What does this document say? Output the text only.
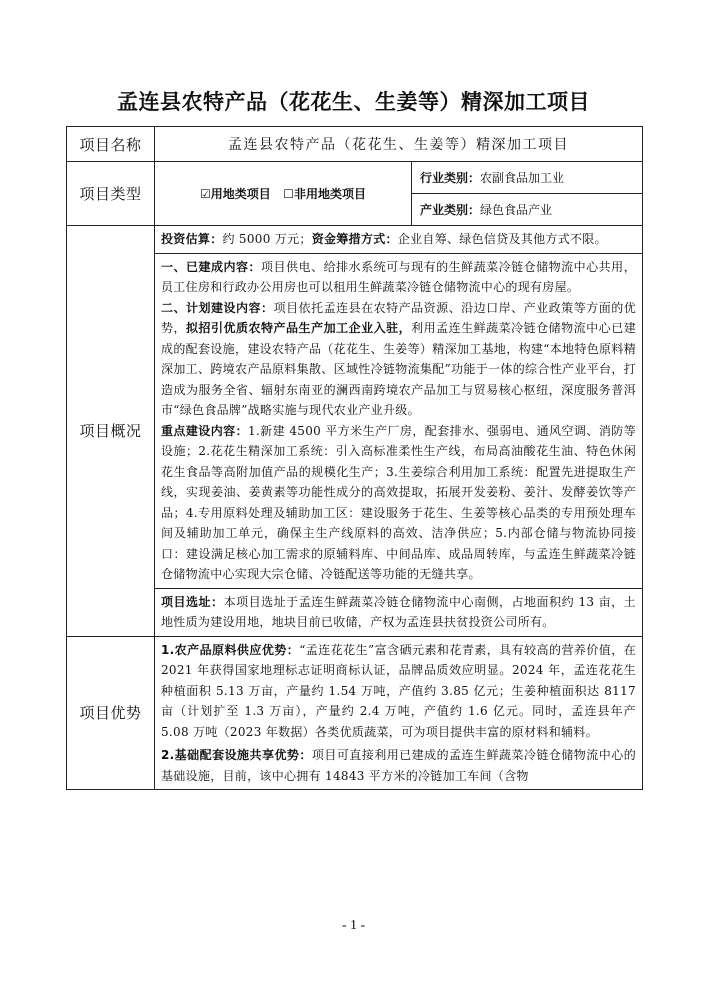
孟连县农特产品（花花生、生姜等）精深加工项目
项目名称	孟连县农特产品（花花生、生姜等）精深加工项目	
项目类型	☑用地类项目 ☐非用地类项目	行业类别：农副食品加工业
		产业类别：绿色食品产业
项目概况	投资估算：约 5000 万元；资金筹措方式：企业自筹、绿色信贷及其他方式不限。
一、已建成内容：项目供电、给排水系统可与现有的生鲜蔬菜冷链仓储物流中心共用，员工住房和行政办公用房也可以租用生鲜蔬菜冷链仓储物流中心的现有房屋。
二、计划建设内容：项目依托孟连县在农特产品资源、沿边口岸、产业政策等方面的优势，拟招引优质农特产品生产加工企业入驻，利用孟连生鲜蔬菜冷链仓储物流中心已建成的配套设施，建设农特产品（花花生、生姜等）精深加工基地，构建“本地特色原料精深加工、跨境农产品原料集散、区域性冷链物流集配”功能于一体的综合性产业平台，打造成为服务全省、辐射东南亚的澜西南跨境农产品加工与贸易核心枢纽，深度服务普洱市“绿色食品牌”战略实施与现代农业产业升级。
重点建设内容：1.新建 4500 平方米生产厂房，配套排水、强弱电、通风空调、消防等设施；2.花花生精深加工系统：引入高标准柔性生产线，布局高油酸花生油、特色休闲花生食品等高附加值产品的规模化生产；3.生姜综合利用加工系统：配置先进提取生产线，实现姜油、姜黄素等功能性成分的高效提取，拓展开发姜粉、姜汁、发酵姜饮等产品；4.专用原料处理及辅助加工区：建设服务于花生、生姜等核心品类的专用预处理车间及辅助加工单元，确保主生产线原料的高效、洁净供应；5.内部仓储与物流协同接口：建设满足核心加工需求的原辅料库、中间品库、成品周转库，与孟连生鲜蔬菜冷链仓储物流中心实现大宗仓储、冷链配送等功能的无缝共享。
项目选址：本项目选址于孟连生鲜蔬菜冷链仓储物流中心南侧，占地面积约 13 亩，土地性质为建设用地，地块目前已收储，产权为孟连县扶贫投资公司所有。	

项目优势	1.农产品原料供应优势：“孟连花花生”富含硒元素和花青素，具有较高的营养价值，在 2021 年获得国家地理标志证明商标认证，品牌品质效应明显。2024 年，孟连花花生种植面积 5.13 万亩，产量约 1.54 万吨，产值约 3.85 亿元；生姜种植面积达 8117 亩（计划扩至 1.3 万亩），产量约 2.4 万吨，产值约 1.6 亿元。同时，孟连县年产 5.08 万吨（2023 年数据）各类优质蔬菜，可为项目提供丰富的原材料和辅料。
2.基础配套设施共享优势：项目可直接利用已建成的孟连生鲜蔬菜冷链仓储物流中心的基础设施，目前，该中心拥有 14843 平方米的冷链加工车间（含物	
- 1 -
